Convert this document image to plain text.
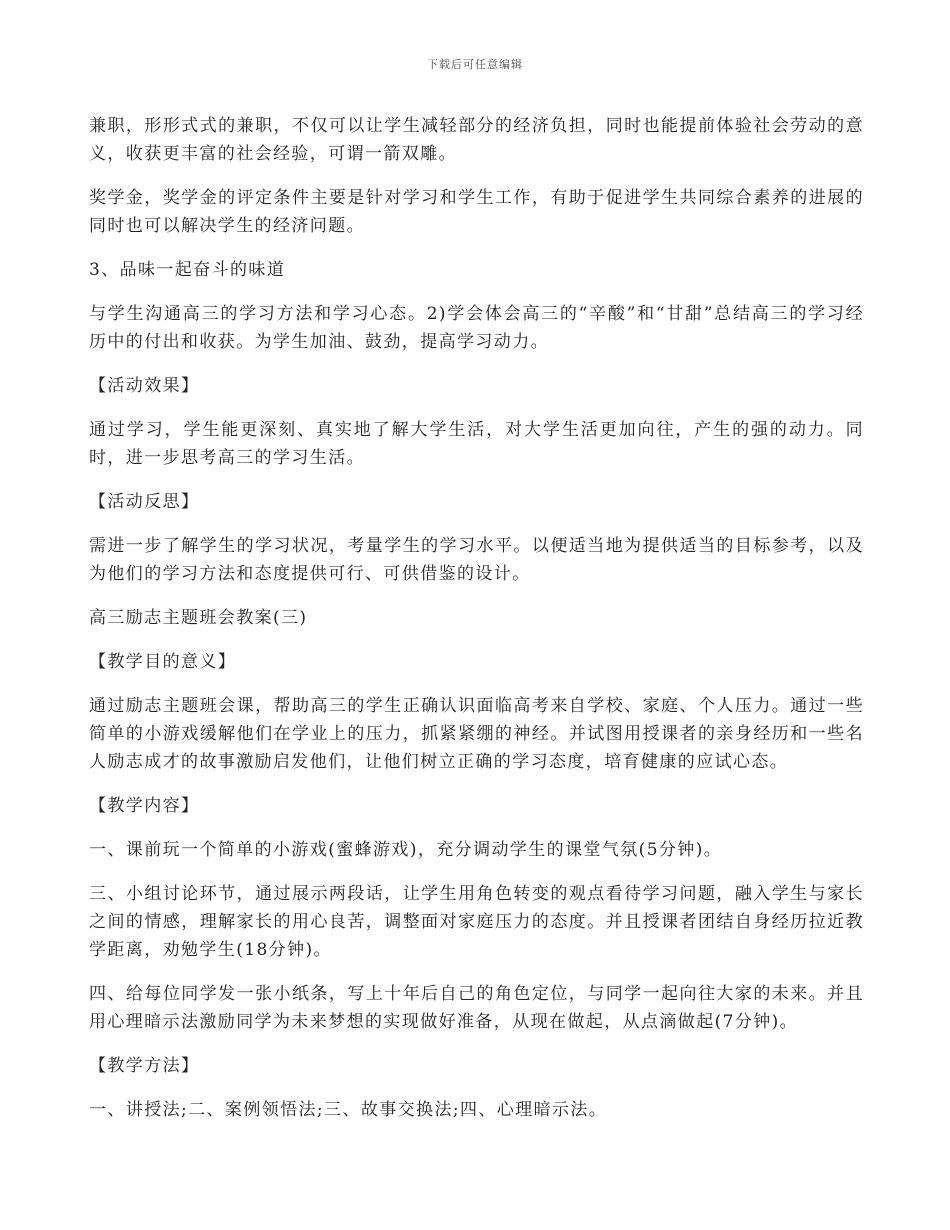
下载后可任意编辑

兼职，形形式式的兼职，不仅可以让学生减轻部分的经济负担，同时也能提前体验社会劳动的意义，收获更丰富的社会经验，可谓一箭双雕。

奖学金，奖学金的评定条件主要是针对学习和学生工作，有助于促进学生共同综合素养的进展的同时也可以解决学生的经济问题。

3、品味一起奋斗的味道

与学生沟通高三的学习方法和学习心态。2)学会体会高三的“辛酸”和“甘甜”总结高三的学习经历中的付出和收获。为学生加油、鼓劲，提高学习动力。

【活动效果】

通过学习，学生能更深刻、真实地了解大学生活，对大学生活更加向往，产生的强的动力。同时，进一步思考高三的学习生活。

【活动反思】

需进一步了解学生的学习状况，考量学生的学习水平。以便适当地为提供适当的目标参考，以及为他们的学习方法和态度提供可行、可供借鉴的设计。

高三励志主题班会教案(三)

【教学目的意义】

通过励志主题班会课，帮助高三的学生正确认识面临高考来自学校、家庭、个人压力。通过一些简单的小游戏缓解他们在学业上的压力，抓紧紧绷的神经。并试图用授课者的亲身经历和一些名人励志成才的故事激励启发他们，让他们树立正确的学习态度，培育健康的应试心态。

【教学内容】

一、课前玩一个简单的小游戏(蜜蜂游戏)，充分调动学生的课堂气氛(5分钟)。

三、小组讨论环节，通过展示两段话，让学生用角色转变的观点看待学习问题，融入学生与家长之间的情感，理解家长的用心良苦，调整面对家庭压力的态度。并且授课者团结自身经历拉近教学距离，劝勉学生(18分钟)。

四、给每位同学发一张小纸条，写上十年后自己的角色定位，与同学一起向往大家的未来。并且用心理暗示法激励同学为未来梦想的实现做好准备，从现在做起，从点滴做起(7分钟)。

【教学方法】

一、讲授法;二、案例领悟法;三、故事交换法;四、心理暗示法。
